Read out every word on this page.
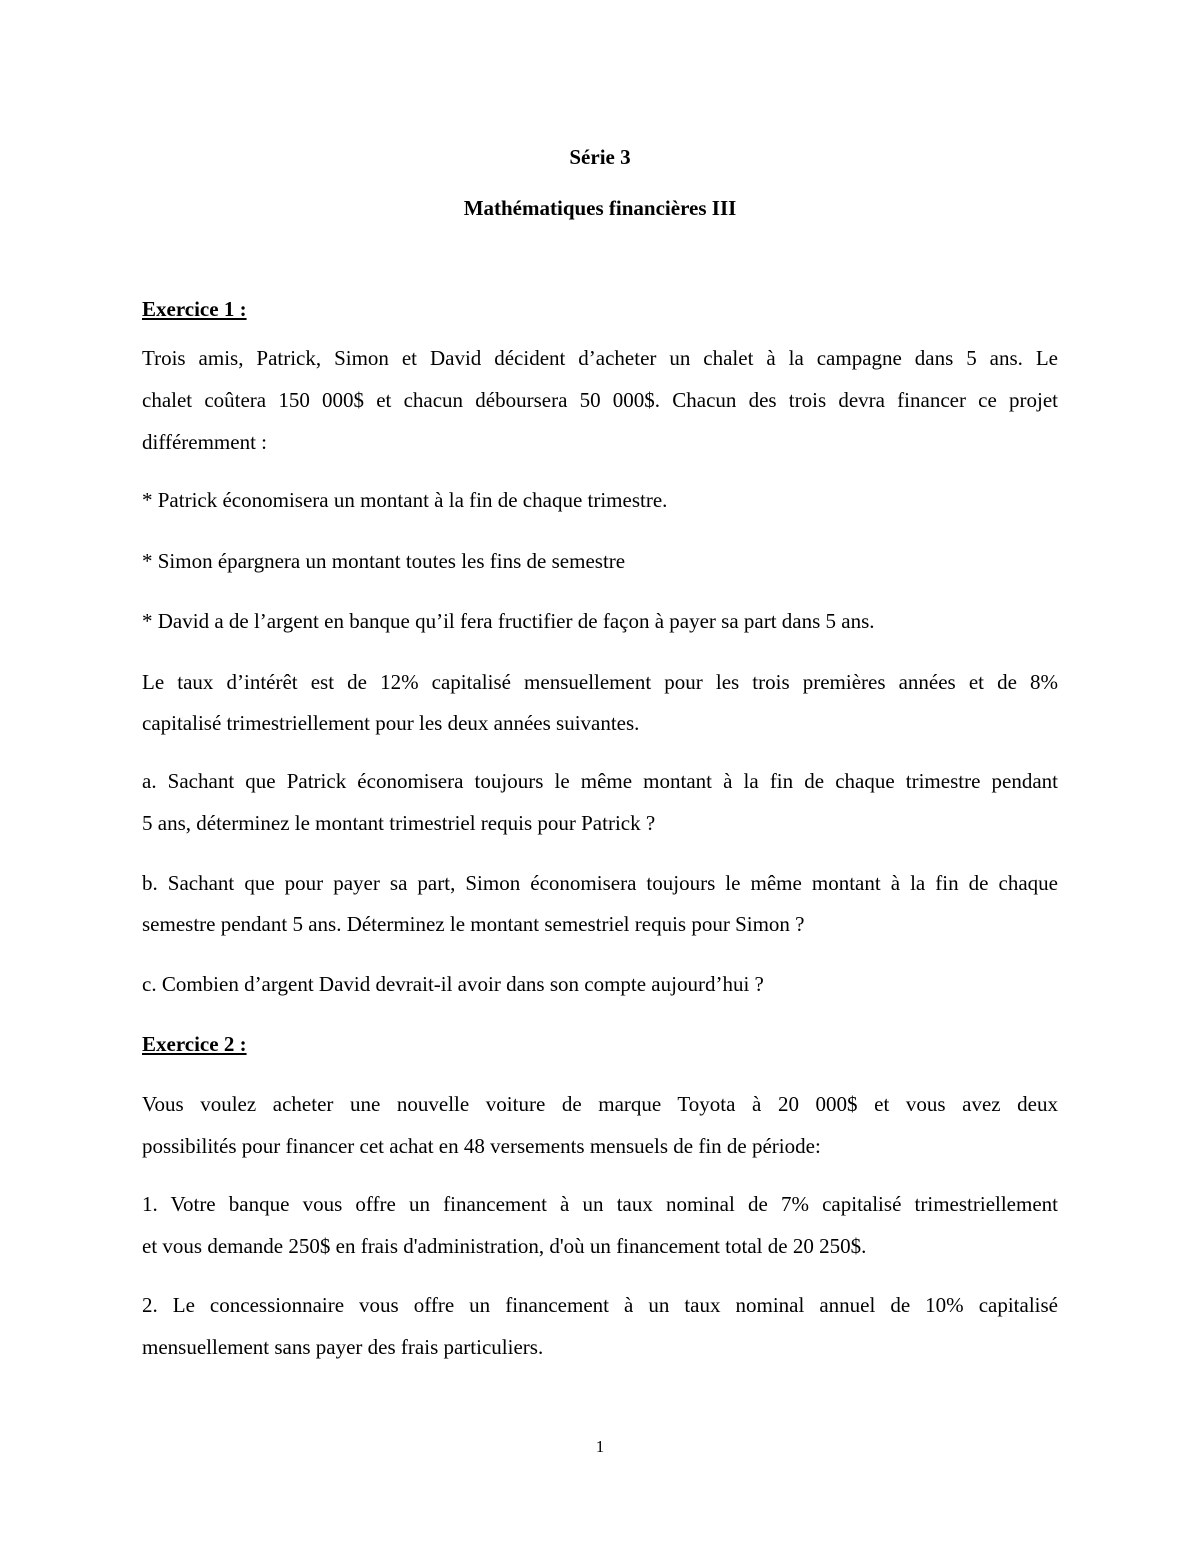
Série 3

Mathématiques financières III

Exercice 1 :

Trois amis, Patrick, Simon et David décident d’acheter un chalet à la campagne dans 5 ans. Le

chalet coûtera 150 000$ et chacun déboursera 50 000$. Chacun des trois devra financer ce projet

différemment :

* Patrick économisera un montant à la fin de chaque trimestre.

* Simon épargnera un montant toutes les fins de semestre

* David a de l’argent en banque qu’il fera fructifier de façon à payer sa part dans 5 ans.

Le taux d’intérêt est de 12% capitalisé mensuellement pour les trois premières années et de 8%

capitalisé trimestriellement pour les deux années suivantes.

a. Sachant que Patrick économisera toujours le même montant à la fin de chaque trimestre pendant

5 ans, déterminez le montant trimestriel requis pour Patrick ?

b. Sachant que pour payer sa part, Simon économisera toujours le même montant à la fin de chaque

semestre pendant 5 ans. Déterminez le montant semestriel requis pour Simon ?

c. Combien d’argent David devrait-il avoir dans son compte aujourd’hui ?

Exercice 2 :

Vous voulez acheter une nouvelle voiture de marque Toyota à 20 000$ et vous avez deux

possibilités pour financer cet achat en 48 versements mensuels de fin de période:

1. Votre banque vous offre un financement à un taux nominal de 7% capitalisé trimestriellement

et vous demande 250$ en frais d'administration, d'où un financement total de 20 250$.

2. Le concessionnaire vous offre un financement à un taux nominal annuel de 10% capitalisé

mensuellement sans payer des frais particuliers.

1
